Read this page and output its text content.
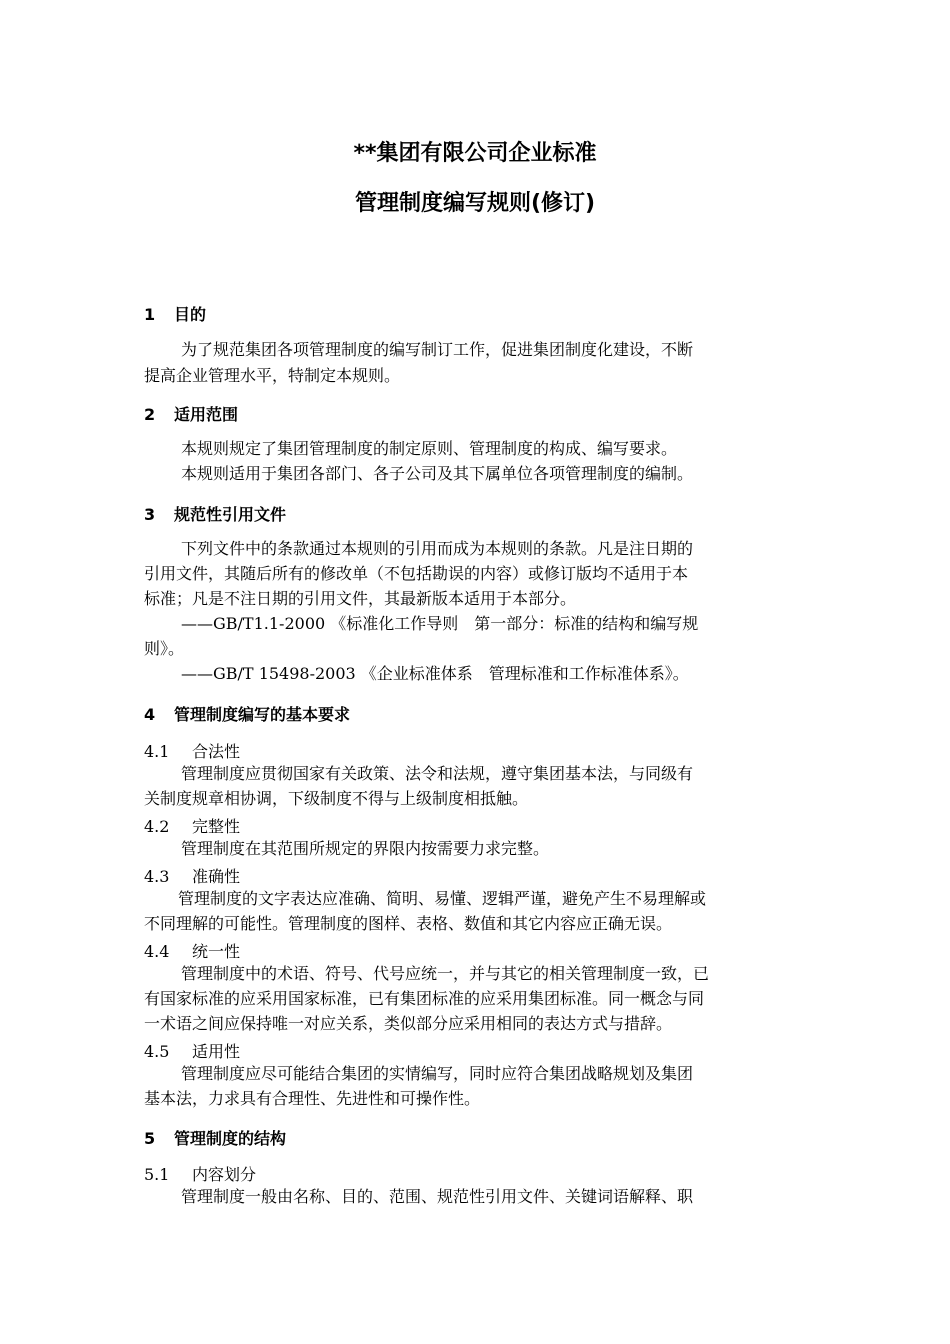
**集团有限公司企业标准
管理制度编写规则(修订)
1 目的
为了规范集团各项管理制度的编写制订工作，促进集团制度化建设，不断
提高企业管理水平，特制定本规则。
2 适用范围
本规则规定了集团管理制度的制定原则、管理制度的构成、编写要求。
本规则适用于集团各部门、各子公司及其下属单位各项管理制度的编制。
3 规范性引用文件
下列文件中的条款通过本规则的引用而成为本规则的条款。凡是注日期的
引用文件，其随后所有的修改单（不包括勘误的内容）或修订版均不适用于本
标准；凡是不注日期的引用文件，其最新版本适用于本部分。
——GB/T1.1-2000 《标准化工作导则　第一部分：标准的结构和编写规
则》。
——GB/T 15498-2003 《企业标准体系　管理标准和工作标准体系》。
4 管理制度编写的基本要求
4.1 合法性
管理制度应贯彻国家有关政策、法令和法规，遵守集团基本法，与同级有
关制度规章相协调，下级制度不得与上级制度相抵触。
4.2 完整性
管理制度在其范围所规定的界限内按需要力求完整。
4.3 准确性
管理制度的文字表达应准确、简明、易懂、逻辑严谨，避免产生不易理解或
不同理解的可能性。管理制度的图样、表格、数值和其它内容应正确无误。
4.4 统一性
管理制度中的术语、符号、代号应统一，并与其它的相关管理制度一致，已
有国家标准的应采用国家标准，已有集团标准的应采用集团标准。同一概念与同
一术语之间应保持唯一对应关系，类似部分应采用相同的表达方式与措辞。
4.5 适用性
管理制度应尽可能结合集团的实情编写，同时应符合集团战略规划及集团
基本法，力求具有合理性、先进性和可操作性。
5 管理制度的结构
5.1 内容划分
管理制度一般由名称、目的、范围、规范性引用文件、关键词语解释、职
